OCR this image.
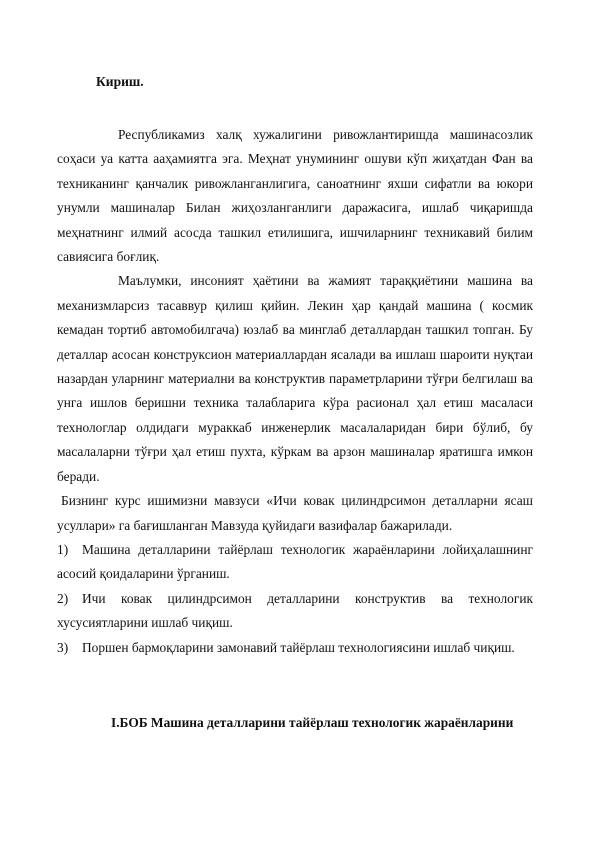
Кириш.

Республикамиз халқ хужалигини ривожлантиришда машинасозлик соҳаси уа катта ааҳамиятга эга. Меҳнат унумининг ошуви кўп жиҳатдан Фан ва техниканинг қанчалик ривожланганлигига, саноатнинг яхши сифатли ва юкори унумли машиналар Билан жиҳозланганлиги даражасига, ишлаб чиқаришда меҳнатнинг илмий асосда ташкил етилишига, ишчиларнинг техникавий билим савиясига боғлиқ.

Маълумки, инсоният ҳаётини ва жамият тараққиётини машина ва механизмларсиз тасаввур қилиш қийин. Лекин ҳар қандай машина ( космик кемадан тортиб автомобилгача) юзлаб ва минглаб деталлардан ташкил топган. Бу деталлар асосан конструксион материаллардан ясалади ва ишлаш шароити нуқтаи назардан уларнинг материални ва конструктив параметрларини тўғри белгилаш ва унга ишлов беришни техника талабларига кўра расионал ҳал етиш масаласи технологлар олдидаги мураккаб инженерлик масалаларидан бири бўлиб, бу масалаларни тўғри ҳал етиш пухта, кўркам ва арзон машиналар яратишга имкон беради.

Бизнинг курс ишимизни мавзуси «Ичи ковак цилиндрсимон деталларни ясаш усуллари» га бағишланган Мавзуда қуйидаги вазифалар бажарилади.

1) Машина деталларини тайёрлаш технологик жараёнларини лойиҳалашнинг асосий қоидаларини ўрганиш.

2) Ичи ковак цилиндрсимон деталларини конструктив ва технологик хусусиятларини ишлаб чиқиш.

3) Поршен бармоқларини замонавий тайёрлаш технологиясини ишлаб чиқиш.

I.БОБ Машина деталларини тайёрлаш технологик жараёнларини
